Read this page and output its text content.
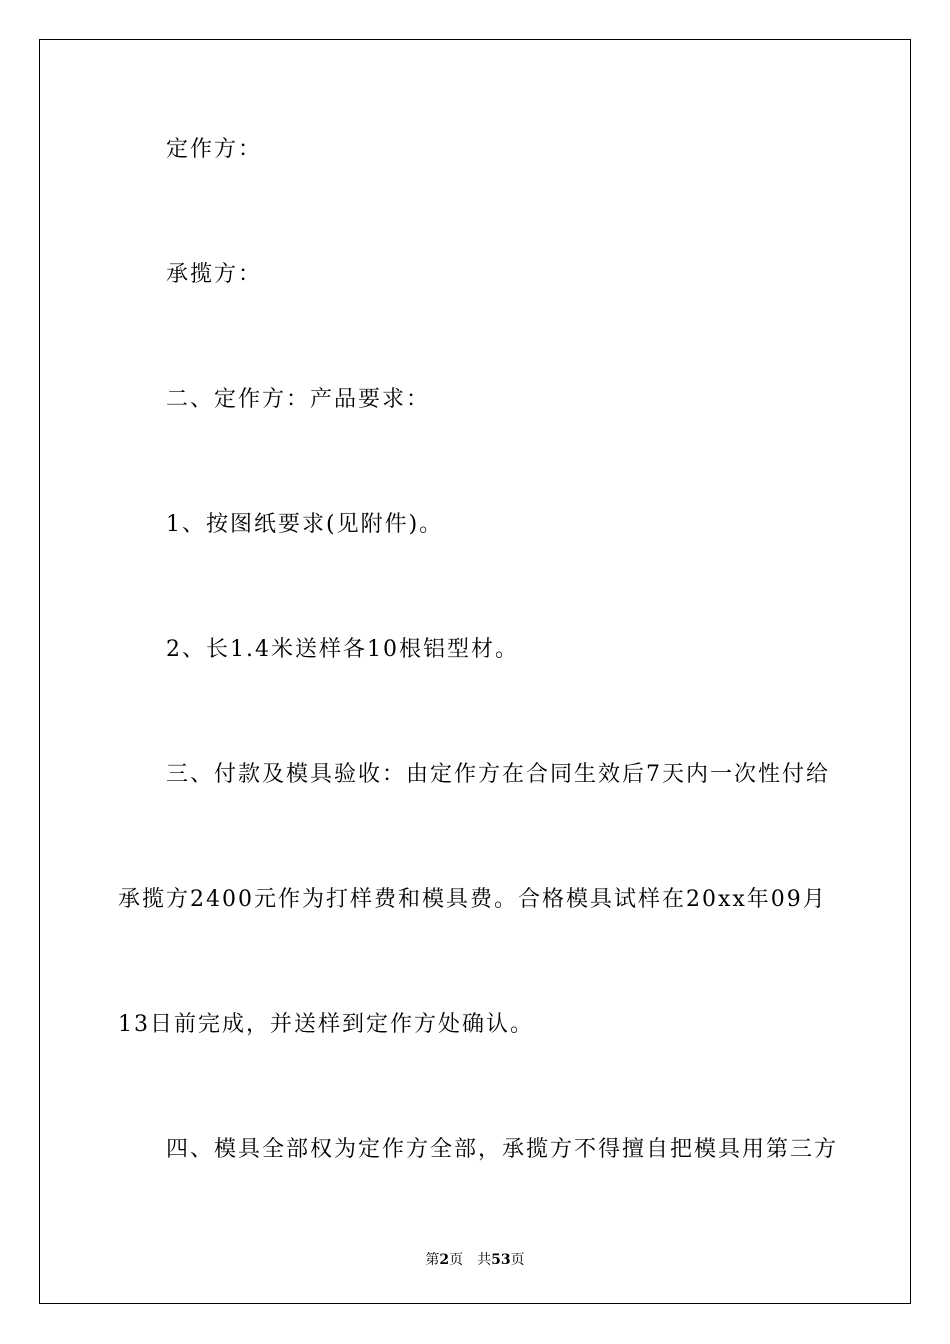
定作方：
承揽方：
二、定作方：产品要求：
1、按图纸要求(见附件)。
2、长1.4米送样各10根铝型材。
三、付款及模具验收：由定作方在合同生效后7天内一次性付给
承揽方2400元作为打样费和模具费。合格模具试样在20xx年09月
13日前完成，并送样到定作方处确认。
四、模具全部权为定作方全部，承揽方不得擅自把模具用第三方
第2页 共53页
